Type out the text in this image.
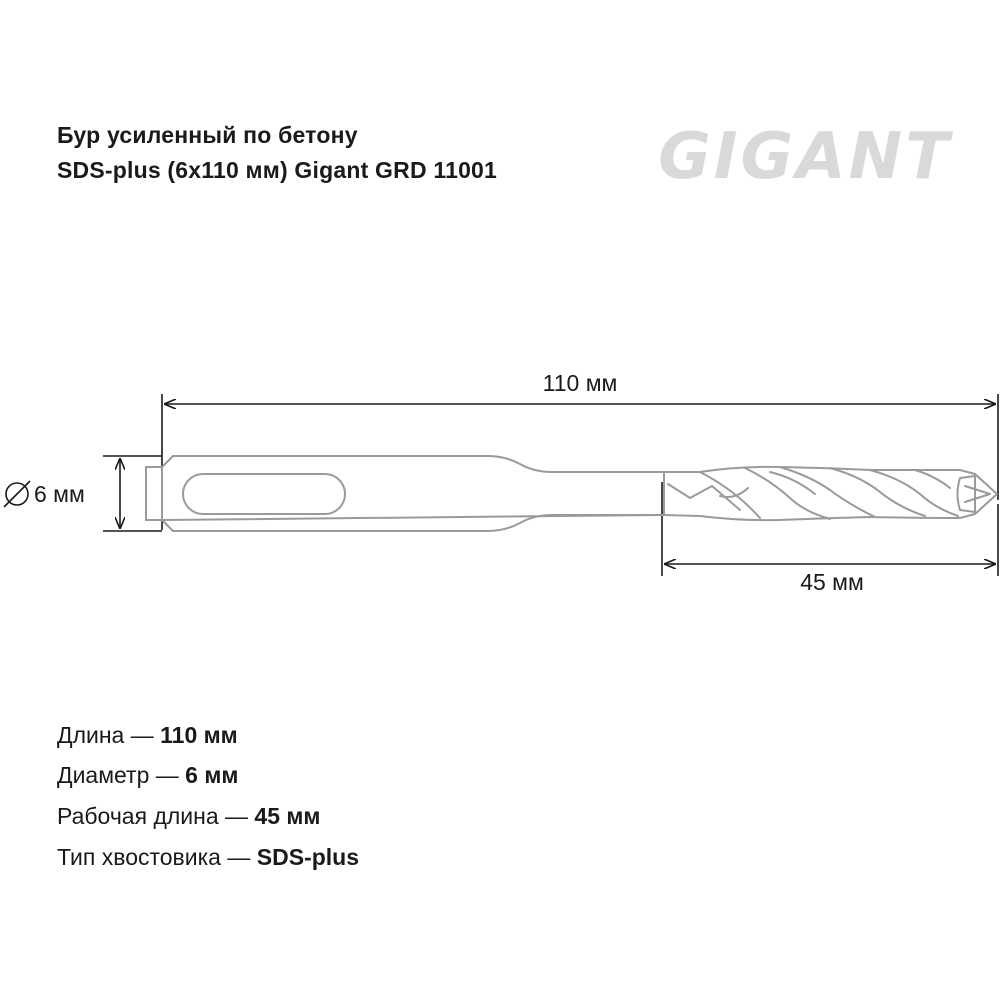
Бур усиленный по бетону
SDS-plus (6х110 мм) Gigant GRD 11001	GIGANT
110 мм
6 мм
45 мм
Длина — 110 мм
Диаметр — 6 мм
Рабочая длина — 45 мм
Тип хвостовика — SDS-plus
